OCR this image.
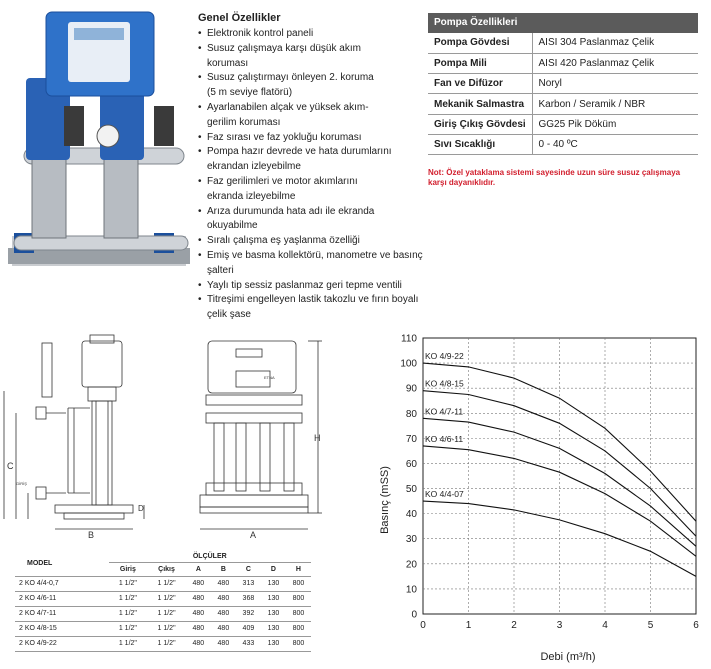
Genel Özellikler
• Elektronik kontrol paneli
• Susuz çalışmaya karşı düşük akım
koruması
• Susuz çalıştırmayı önleyen 2. koruma
(5 m seviye flatörü)
• Ayarlanabilen alçak ve yüksek akım-
gerilim koruması
• Faz sırası ve faz yokluğu koruması
• Pompa hazır devrede ve hata durumlarını
ekrandan izleyebilme
• Faz gerilimleri ve motor akımlarını
ekranda izleyebilme
• Arıza durumunda hata adı ile ekranda okuyabilme
• Sıralı çalışma eş yaşlanma özelliği
• Emiş ve basma kollektörü, manometre ve basınç şalteri
• Yaylı tip sessiz paslanmaz geri tepme ventili
• Titreşimi engelleyen lastik takozlu ve fırın boyalı çelik şase
Pompa Özellikleri
Pompa Gövdesi	AISI 304 Paslanmaz Çelik
Pompa Mili	AISI 420 Paslanmaz Çelik
Fan ve Difüzor	Noryl
Mekanik Salmastra	Karbon / Seramik / NBR
Giriş Çıkış Gövdesi	GG25 Pik Döküm
Sıvı Sıcaklığı	0 - 40 ºC
Not: Özel yataklama sistemi sayesinde uzun süre susuz çalışmaya karşı dayanıklıdır.
C
B
D
GİRİŞ
H
A
ETNA
MODEL	ÖLÇÜLER						
	Giriş	Çıkış	A	B	C	D	H
2 KO 4/4-0,7	1 1/2"	1 1/2"	480	480	313	130	800
2 KO 4/6-11	1 1/2"	1 1/2"	480	480	368	130	800
2 KO 4/7-11	1 1/2"	1 1/2"	480	480	392	130	800
2 KO 4/8-15	1 1/2"	1 1/2"	480	480	409	130	800
2 KO 4/9-22	1 1/2"	1 1/2"	480	480	433	130	800
0
10
20
30
40
50
60
70
80
90
100
110
0	1	2	3	4	5	6
KO 4/9-22
KO 4/8-15
KO 4/7-11
KO 4/6-11
KO 4/4-07
Debi (m³/h)
Basınç (mSS)
